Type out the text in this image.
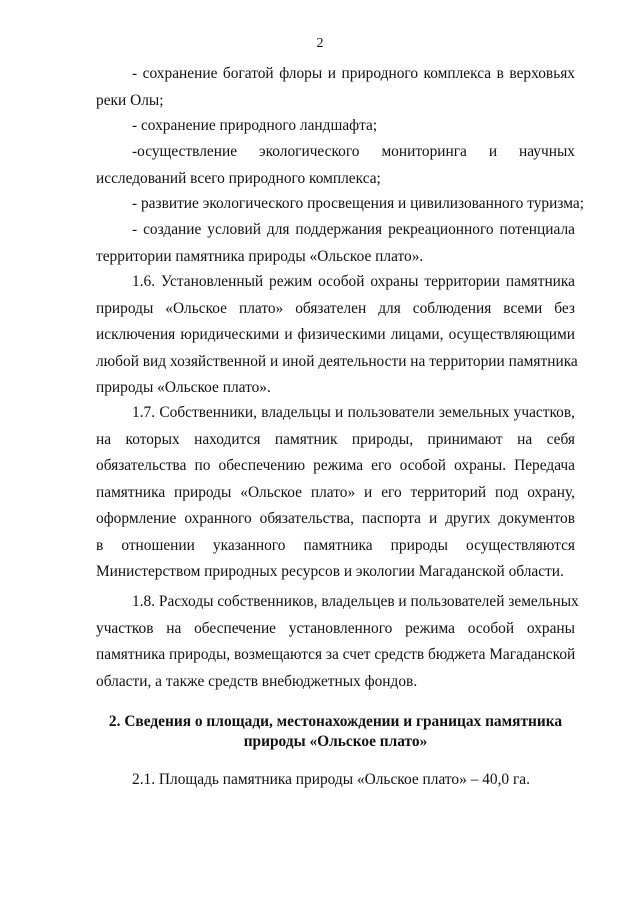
2
- сохранение богатой флоры и природного комплекса в верховьях
реки Олы;
- сохранение природного ландшафта;
-осуществление экологического мониторинга и научных
исследований всего природного комплекса;
- развитие экологического просвещения и цивилизованного туризма;
- создание условий для поддержания рекреационного потенциала
территории памятника природы «Ольское плато».
1.6. Установленный режим особой охраны территории памятника
природы «Ольское плато» обязателен для соблюдения всеми без
исключения юридическими и физическими лицами, осуществляющими
любой вид хозяйственной и иной деятельности на территории памятника
природы «Ольское плато».
1.7. Собственники, владельцы и пользователи земельных участков,
на которых находится памятник природы, принимают на себя
обязательства по обеспечению режима его особой охраны. Передача
памятника природы «Ольское плато» и его территорий под охрану,
оформление охранного обязательства, паспорта и других документов
в отношении указанного памятника природы осуществляются
Министерством природных ресурсов и экологии Магаданской области.
1.8. Расходы собственников, владельцев и пользователей земельных
участков на обеспечение установленного режима особой охраны
памятника природы, возмещаются за счет средств бюджета Магаданской
области, а также средств внебюджетных фондов.
2. Сведения о площади, местонахождении и границах памятника
природы «Ольское плато»
2.1. Площадь памятника природы «Ольское плато» – 40,0 га.
